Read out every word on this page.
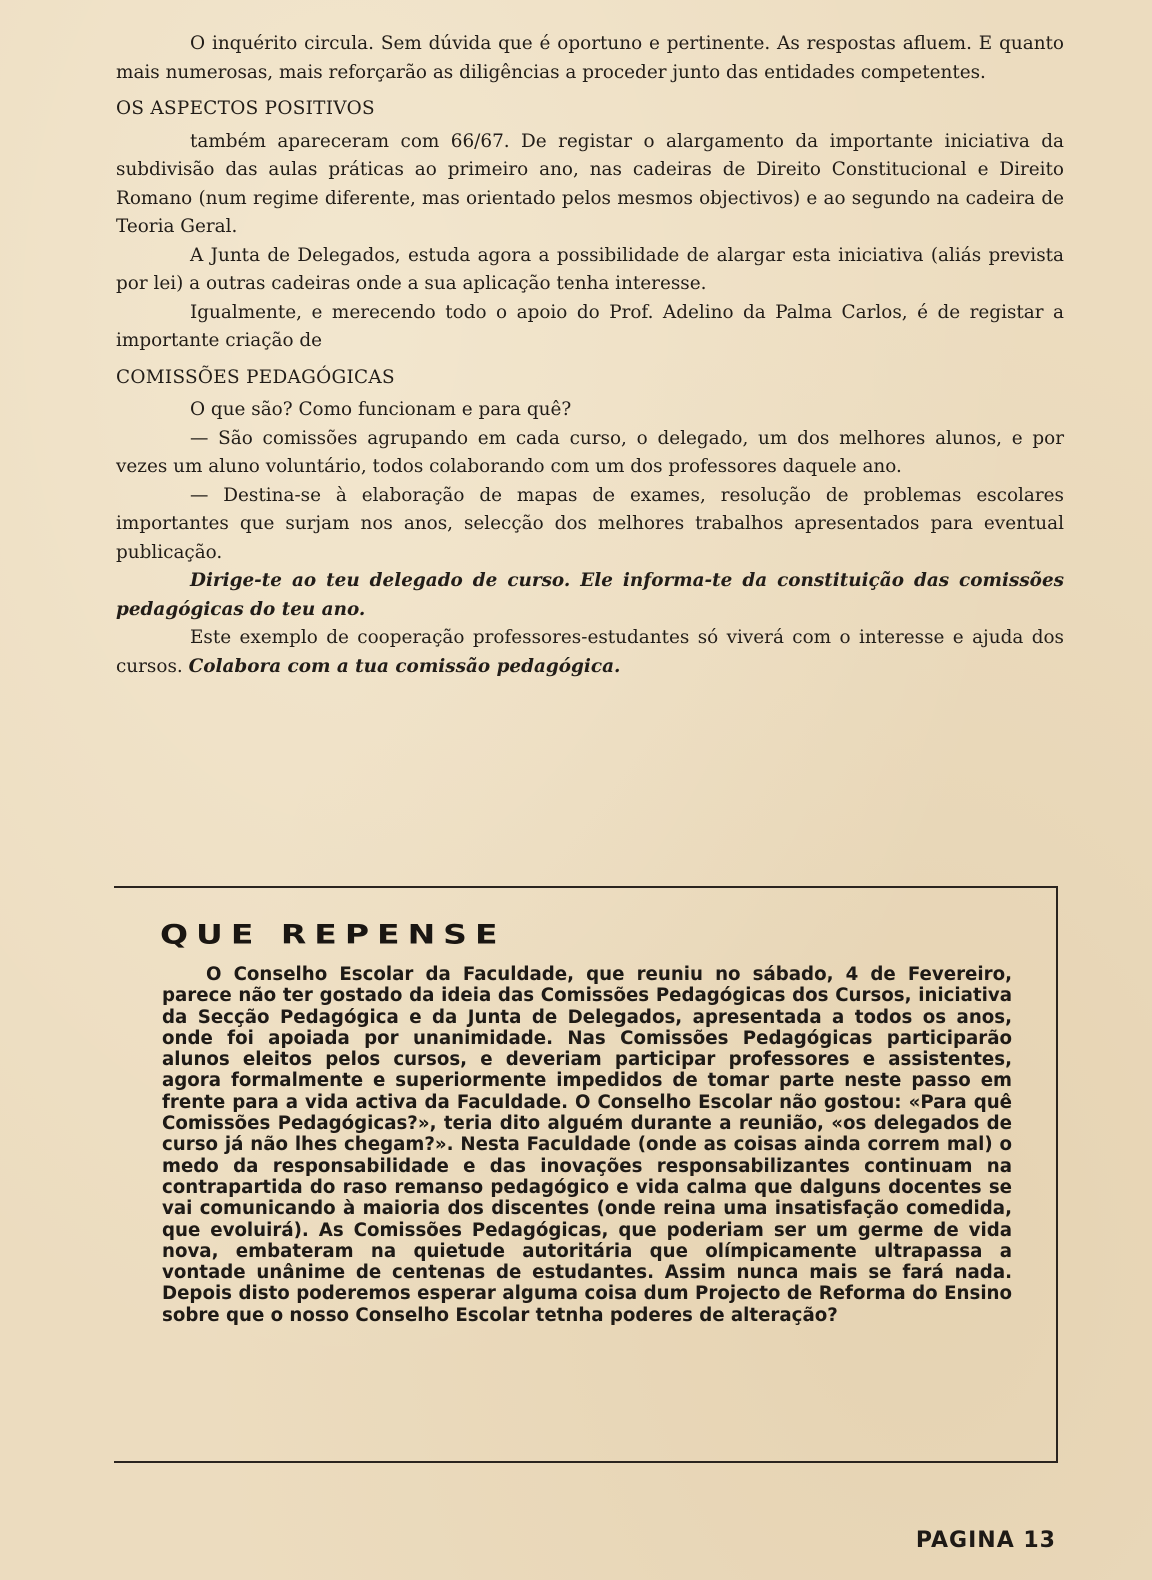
O inquérito circula. Sem dúvida que é oportuno e pertinente. As respostas afluem. E quanto mais numerosas, mais reforçarão as diligências a proceder junto das entidades competentes.

OS ASPECTOS POSITIVOS

também apareceram com 66/67. De registar o alargamento da importante iniciativa da subdivisão das aulas práticas ao primeiro ano, nas cadeiras de Direito Constitucional e Direito Romano (num regime diferente, mas orientado pelos mesmos objectivos) e ao segundo na cadeira de Teoria Geral.

A Junta de Delegados, estuda agora a possibilidade de alargar esta iniciativa (aliás prevista por lei) a outras cadeiras onde a sua aplicação tenha interesse.

Igualmente, e merecendo todo o apoio do Prof. Adelino da Palma Carlos, é de registar a importante criação de

COMISSÕES PEDAGÓGICAS

O que são? Como funcionam e para quê?

— São comissões agrupando em cada curso, o delegado, um dos melhores alunos, e por vezes um aluno voluntário, todos colaborando com um dos professores daquele ano.

— Destina-se à elaboração de mapas de exames, resolução de problemas escolares importantes que surjam nos anos, selecção dos melhores trabalhos apresentados para eventual publicação.

Dirige-te ao teu delegado de curso. Ele informa-te da constituição das comissões pedagógicas do teu ano.

Este exemplo de cooperação professores-estudantes só viverá com o interesse e ajuda dos cursos. Colabora com a tua comissão pedagógica.

QUE REPENSE

O Conselho Escolar da Faculdade, que reuniu no sábado, 4 de Fevereiro, parece não ter gostado da ideia das Comissões Pedagógicas dos Cursos, iniciativa da Secção Pedagógica e da Junta de Delegados, apresentada a todos os anos, onde foi apoiada por unanimidade. Nas Comissões Pedagógicas participarão alunos eleitos pelos cursos, e deveriam participar professores e assistentes, agora formalmente e superiormente impedidos de tomar parte neste passo em frente para a vida activa da Faculdade. O Conselho Escolar não gostou: «Para quê Comissões Pedagógicas?», teria dito alguém durante a reunião, «os delegados de curso já não lhes chegam?». Nesta Faculdade (onde as coisas ainda correm mal) o medo da responsabilidade e das inovações responsabilizantes continuam na contrapartida do raso remanso pedagógico e vida calma que dalguns docentes se vai comunicando à maioria dos discentes (onde reina uma insatisfação comedida, que evoluirá). As Comissões Pedagógicas, que poderiam ser um germe de vida nova, embateram na quietude autoritária que olímpicamente ultrapassa a vontade unânime de centenas de estudantes. Assim nunca mais se fará nada. Depois disto poderemos esperar alguma coisa dum Projecto de Reforma do Ensino sobre que o nosso Conselho Escolar tetnha poderes de alteração?

PAGINA 13
